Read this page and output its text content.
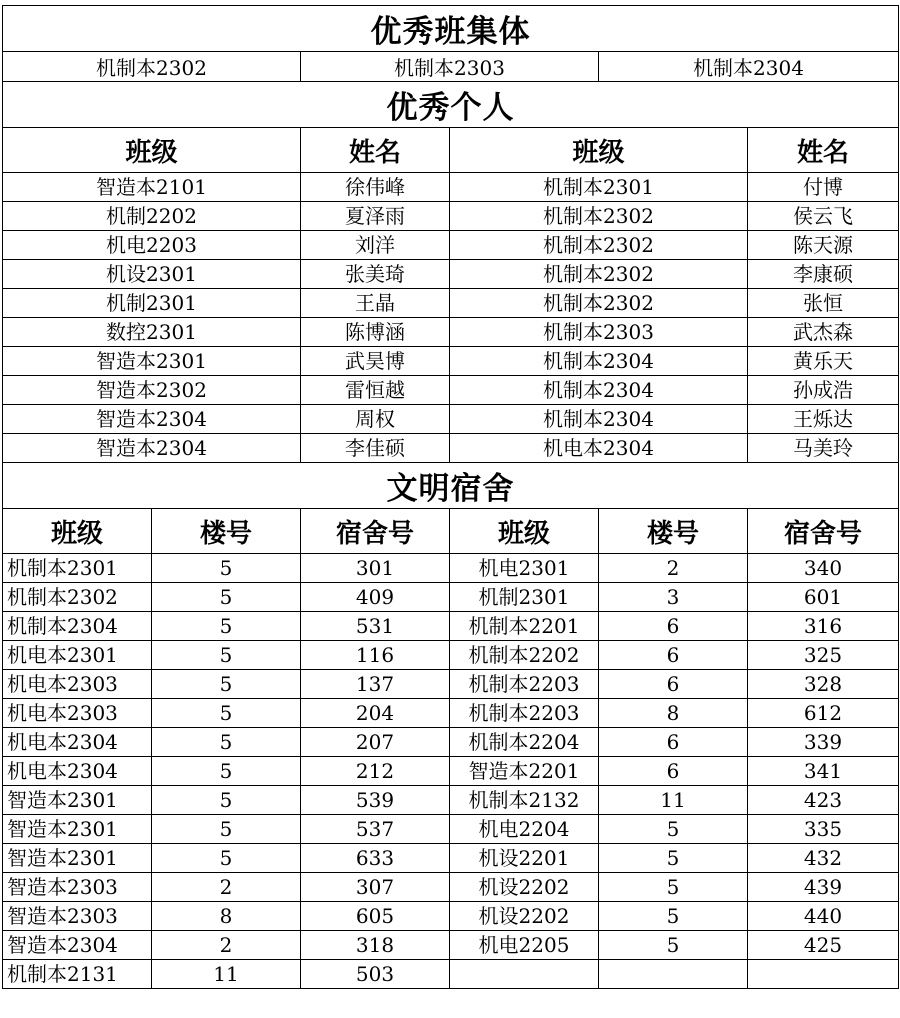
优秀班集体					
机制本2302		机制本2303		机制本2304	
优秀个人					
班级		姓名	班级		姓名
智造本2101		徐伟峰	机制本2301		付博
机制2202		夏泽雨	机制本2302		侯云飞
机电2203		刘洋	机制本2302		陈天源
机设2301		张美琦	机制本2302		李康硕
机制2301		王晶	机制本2302		张恒
数控2301		陈博涵	机制本2303		武杰森
智造本2301		武昊博	机制本2304		黄乐天
智造本2302		雷恒越	机制本2304		孙成浩
智造本2304		周权	机制本2304		王烁达
智造本2304		李佳硕	机电本2304		马美玲
文明宿舍					
班级	楼号	宿舍号	班级	楼号	宿舍号
机制本2301	5	301	机电2301	2	340
机制本2302	5	409	机制2301	3	601
机制本2304	5	531	机制本2201	6	316
机电本2301	5	116	机制本2202	6	325
机电本2303	5	137	机制本2203	6	328
机电本2303	5	204	机制本2203	8	612
机电本2304	5	207	机制本2204	6	339
机电本2304	5	212	智造本2201	6	341
智造本2301	5	539	机制本2132	11	423
智造本2301	5	537	机电2204	5	335
智造本2301	5	633	机设2201	5	432
智造本2303	2	307	机设2202	5	439
智造本2303	8	605	机设2202	5	440
智造本2304	2	318	机电2205	5	425
机制本2131	11	503			
